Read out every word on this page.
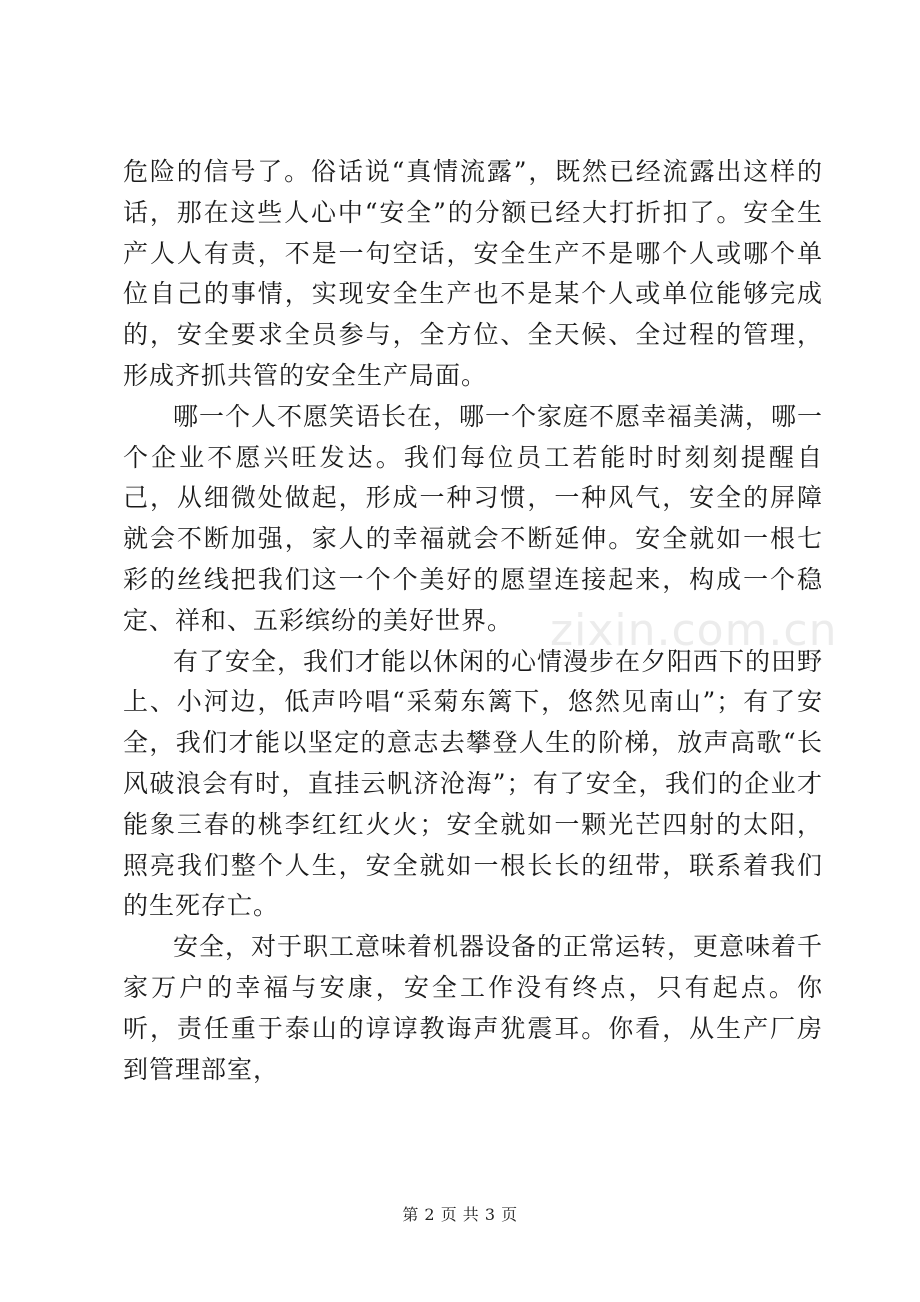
zixin.com.cn

危险的信号了。俗话说“真情流露”，既然已经流露出这样的话，那在这些人心中“安全”的分额已经大打折扣了。安全生产人人有责，不是一句空话，安全生产不是哪个人或哪个单位自己的事情，实现安全生产也不是某个人或单位能够完成的，安全要求全员参与，全方位、全天候、全过程的管理，形成齐抓共管的安全生产局面。

哪一个人不愿笑语长在，哪一个家庭不愿幸福美满，哪一个企业不愿兴旺发达。我们每位员工若能时时刻刻提醒自己，从细微处做起，形成一种习惯，一种风气，安全的屏障就会不断加强，家人的幸福就会不断延伸。安全就如一根七彩的丝线把我们这一个个美好的愿望连接起来，构成一个稳定、祥和、五彩缤纷的美好世界。

有了安全，我们才能以休闲的心情漫步在夕阳西下的田野上、小河边，低声吟唱“采菊东篱下，悠然见南山”；有了安全，我们才能以坚定的意志去攀登人生的阶梯，放声高歌“长风破浪会有时，直挂云帆济沧海”；有了安全，我们的企业才能象三春的桃李红红火火；安全就如一颗光芒四射的太阳，照亮我们整个人生，安全就如一根长长的纽带，联系着我们的生死存亡。

安全，对于职工意味着机器设备的正常运转，更意味着千家万户的幸福与安康，安全工作没有终点，只有起点。你听，责任重于泰山的谆谆教诲声犹震耳。你看，从生产厂房到管理部室，

第 2 页 共 3 页
